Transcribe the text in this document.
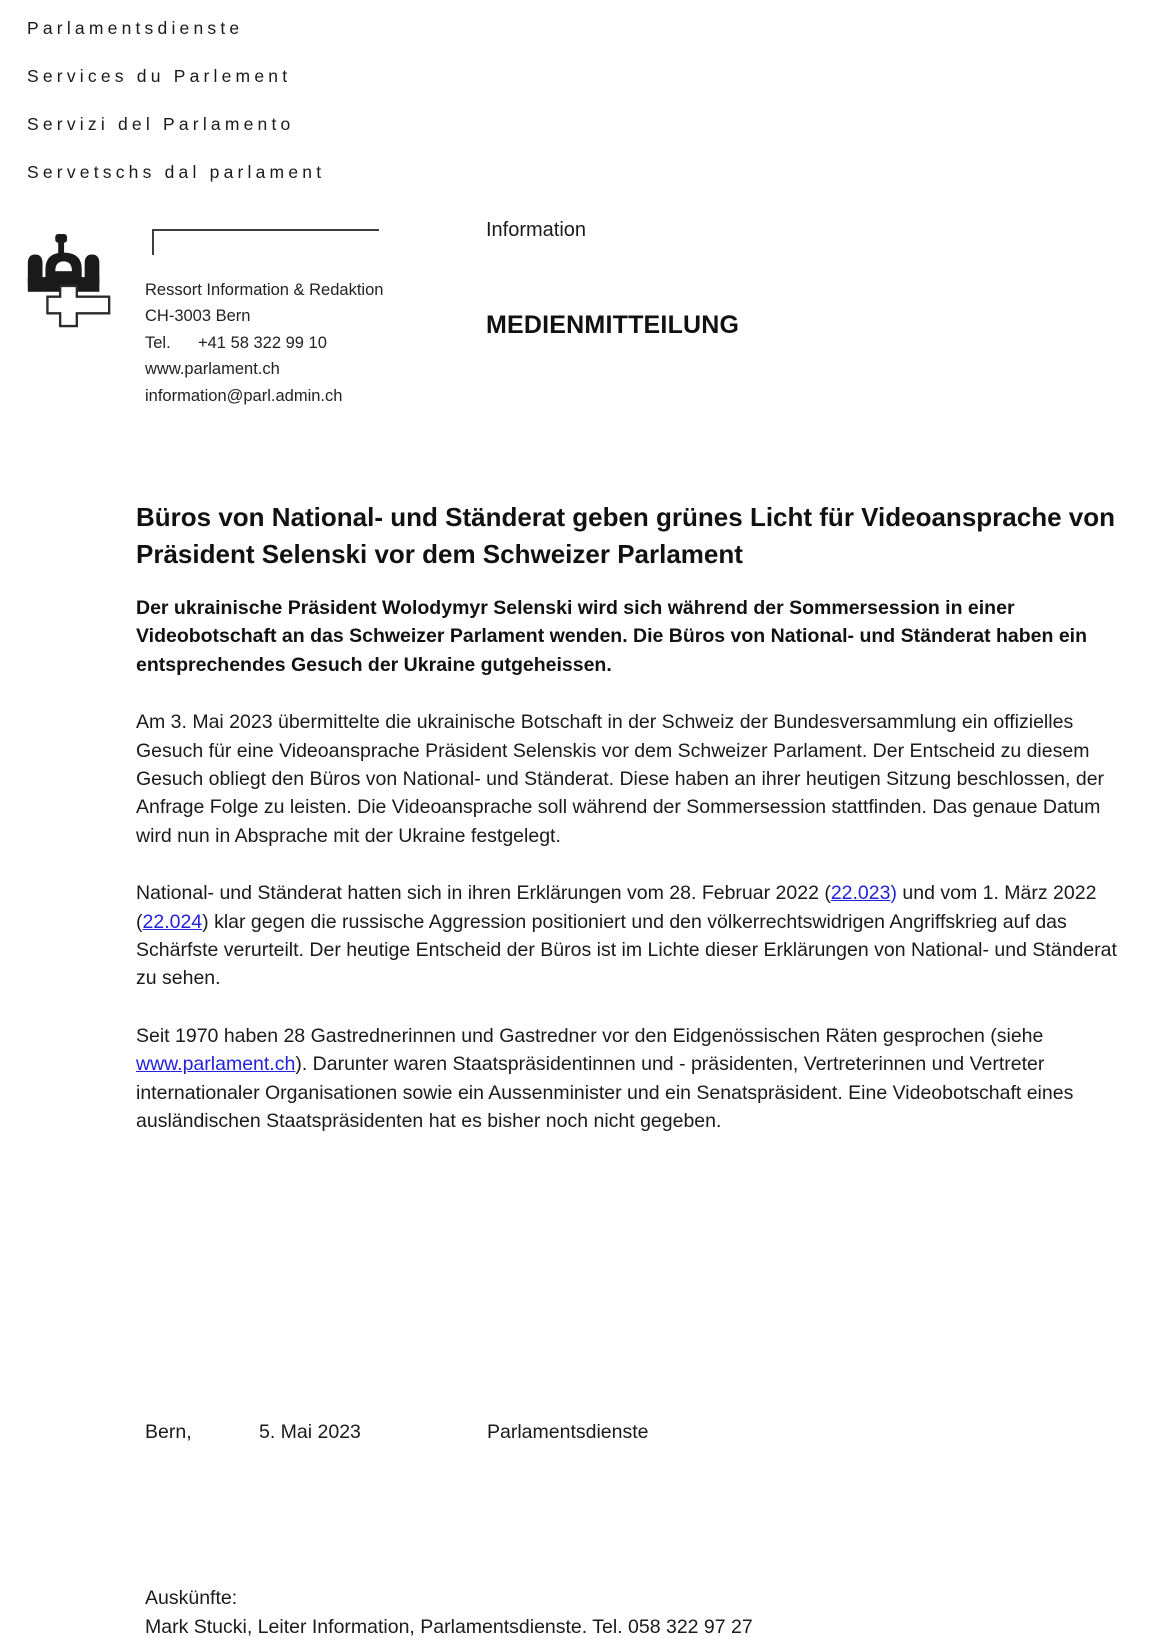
Parlamentsdienste
Services du Parlement
Servizi del Parlamento
Servetschs dal parlament
Ressort Information & Redaktion
CH-3003 Bern
Tel. +41 58 322 99 10
www.parlament.ch
information@parl.admin.ch
Information
MEDIENMITTEILUNG
Büros von National- und Ständerat geben grünes Licht für Videoansprache von Präsident Selenski vor dem Schweizer Parlament
Der ukrainische Präsident Wolodymyr Selenski wird sich während der Sommersession in einer Videobotschaft an das Schweizer Parlament wenden. Die Büros von National- und Ständerat haben ein entsprechendes Gesuch der Ukraine gutgeheissen.
Am 3. Mai 2023 übermittelte die ukrainische Botschaft in der Schweiz der Bundesversammlung ein offizielles Gesuch für eine Videoansprache Präsident Selenskis vor dem Schweizer Parlament. Der Entscheid zu diesem Gesuch obliegt den Büros von National- und Ständerat. Diese haben an ihrer heutigen Sitzung beschlossen, der Anfrage Folge zu leisten. Die Videoansprache soll während der Sommersession stattfinden. Das genaue Datum wird nun in Absprache mit der Ukraine festgelegt.
National- und Ständerat hatten sich in ihren Erklärungen vom 28. Februar 2022 (22.023) und vom 1. März 2022 (22.024) klar gegen die russische Aggression positioniert und den völkerrechtswidrigen Angriffskrieg auf das Schärfste verurteilt. Der heutige Entscheid der Büros ist im Lichte dieser Erklärungen von National- und Ständerat zu sehen.
Seit 1970 haben 28 Gastrednerinnen und Gastredner vor den Eidgenössischen Räten gesprochen (siehe www.parlament.ch). Darunter waren Staatspräsidentinnen und - präsidenten, Vertreterinnen und Vertreter internationaler Organisationen sowie ein Aussenminister und ein Senatspräsident. Eine Videobotschaft eines ausländischen Staatspräsidenten hat es bisher noch nicht gegeben.
Bern,	5. Mai 2023	Parlamentsdienste
Auskünfte:
Mark Stucki, Leiter Information, Parlamentsdienste. Tel. 058 322 97 27
